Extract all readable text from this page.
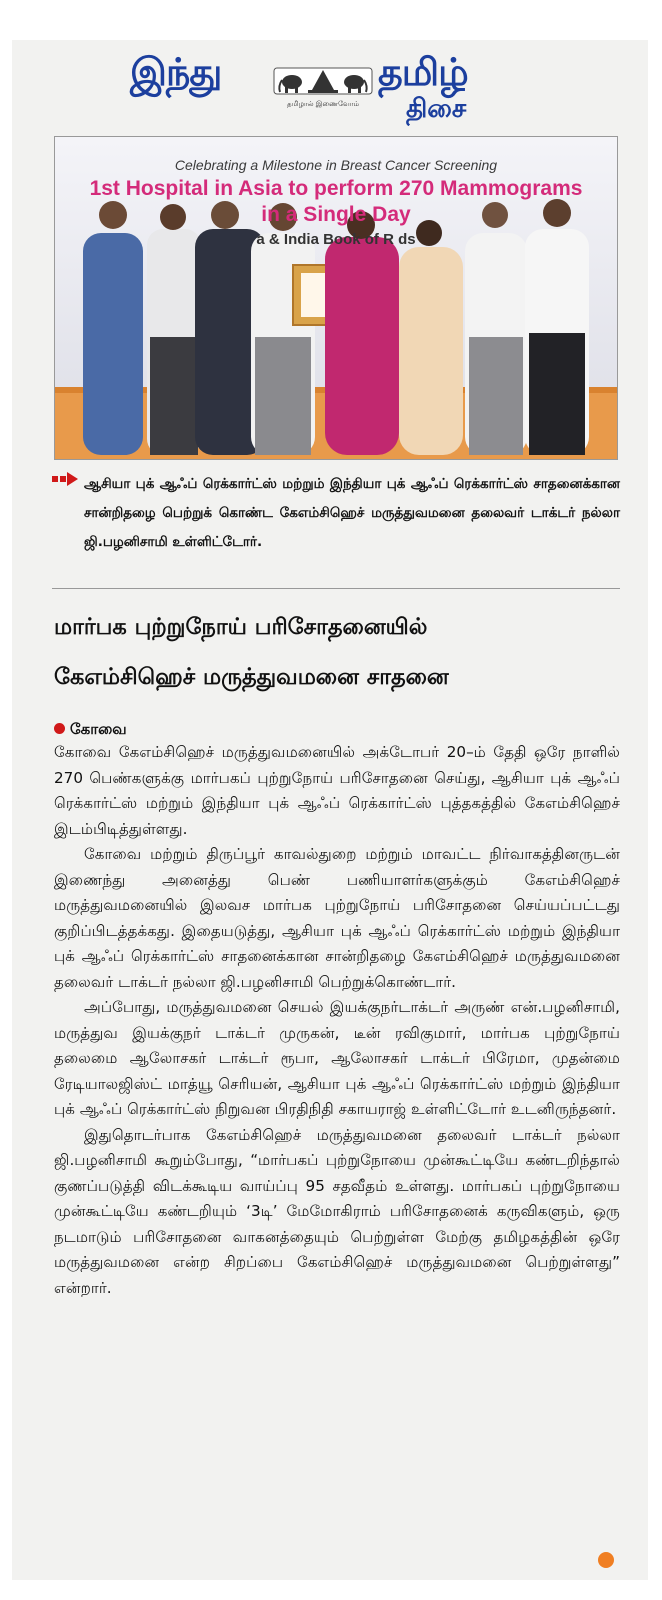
இந்து
தமிழால் இணைவோம்
தமிழ்
திசை
Celebrating a Milestone in Breast Cancer Screening
1st Hospital in Asia to perform 270 Mammograms
in a Single Day
a & India Book of R ds
ஆசியா புக் ஆஃப் ரெக்கார்ட்ஸ் மற்றும் இந்தியா புக் ஆஃப் ரெக்கார்ட்ஸ் சாதனைக்கான சான்றிதழை பெற்றுக் கொண்ட கேஎம்சிஹெச் மருத்துவமனை தலைவர் டாக்டர் நல்லா ஜி.பழனிசாமி உள்ளிட்டோர்.
மார்பக புற்றுநோய் பரிசோதனையில்
கேஎம்சிஹெச் மருத்துவமனை சாதனை
கோவை

கோவை கேஎம்சிஹெச் மருத்துவமனையில் அக்டோபர் 20–ம் தேதி ஒரே நாளில் 270 பெண்களுக்கு மார்பகப் புற்றுநோய் பரிசோதனை செய்து, ஆசியா புக் ஆஃப் ரெக்கார்ட்ஸ் மற்றும் இந்தியா புக் ஆஃப் ரெக்கார்ட்ஸ் புத்தகத்தில் கேஎம்சிஹெச் இடம்பிடித்துள்ளது.

கோவை மற்றும் திருப்பூர் காவல்துறை மற்றும் மாவட்ட நிர்வாகத்தினருடன் இணைந்து அனைத்து பெண் பணியாளர்களுக்கும் கேஎம்சிஹெச் மருத்துவமனையில் இலவச மார்பக புற்றுநோய் பரிசோதனை செய்யப்பட்டது குறிப்பிடத்தக்கது. இதையடுத்து, ஆசியா புக் ஆஃப் ரெக்கார்ட்ஸ் மற்றும் இந்தியா புக் ஆஃப் ரெக்கார்ட்ஸ் சாதனைக்கான சான்றிதழை கேஎம்சிஹெச் மருத்துவமனை தலைவர் டாக்டர் நல்லா ஜி.பழனிசாமி பெற்றுக்கொண்டார்.

அப்போது, மருத்துவமனை செயல் இயக்குநர்டாக்டர் அருண் என்.பழனிசாமி, மருத்துவ இயக்குநர் டாக்டர் முருகன், டீன் ரவிகுமார், மார்பக புற்றுநோய் தலைமை ஆலோசகர் டாக்டர் ரூபா, ஆலோசகர் டாக்டர் பிரேமா, முதன்மை ரேடியாலஜிஸ்ட் மாத்யூ செரியன், ஆசியா புக் ஆஃப் ரெக்கார்ட்ஸ் மற்றும் இந்தியா புக் ஆஃப் ரெக்கார்ட்ஸ் நிறுவன பிரதிநிதி சகாயராஜ் உள்ளிட்டோர் உடனிருந்தனர்.

இதுதொடர்பாக கேஎம்சிஹெச் மருத்துவமனை தலைவர் டாக்டர் நல்லா ஜி.பழனிசாமி கூறும்போது, “மார்பகப் புற்றுநோயை முன்கூட்டியே கண்டறிந்தால் குணப்படுத்தி விடக்கூடிய வாய்ப்பு 95 சதவீதம் உள்ளது. மார்பகப் புற்றுநோயை முன்கூட்டியே கண்டறியும் ‘3டி’ மேமோகிராம் பரிசோதனைக் கருவிகளும், ஒரு நடமாடும் பரிசோதனை வாகனத்தையும் பெற்றுள்ள மேற்கு தமிழகத்தின் ஒரே மருத்துவமனை என்ற சிறப்பை கேஎம்சிஹெச் மருத்துவமனை பெற்றுள்ளது” என்றார்.
